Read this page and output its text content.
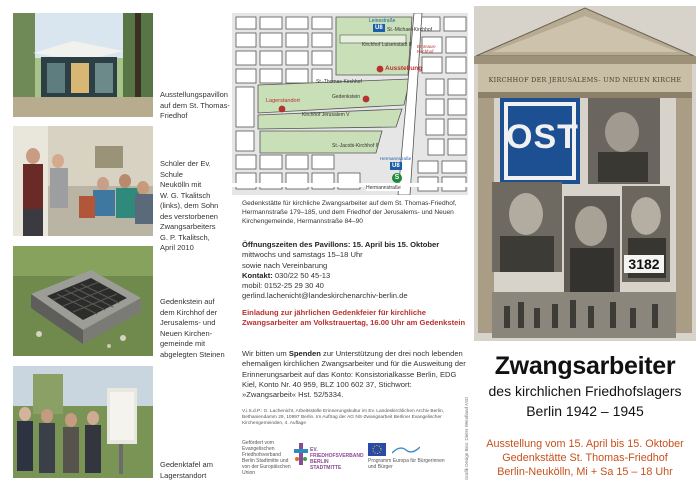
Ausstellungspavillon
auf dem St. Thomas-
Friedhof
Schüler der Ev. Schule
Neukölln mit
W. G. Tkalitsch
(links), dem Sohn
des verstorbenen
Zwangsarbeiters
G. P. Tkalitsch,
April 2010
Gedenkstein auf
dem Kirchhof der
Jerusalems- und
Neuen Kirchen-
gemeinde mit
abgelegten Steinen
Gedenktafel am
Lagerstandort
Leinestraße
U8 St.-Michael-Kirchhof
Kirchhof Luisenstadt II Emmaus-Kirchhof
Ausstellung
St.-Thomas-Kirchhof
Gedenkstein
Lagerstandort
Kirchhof Jerusalem V
St.-Jacobi-Kirchhof II
U8
Hermannstraße
S
Hermannstraße
Gedenkstätte für kirchliche Zwangsarbeiter auf dem St. Thomas-Friedhof, Hermannstraße 179–185, und dem Friedhof der Jerusalems- und Neuen Kirchengemeinde, Hermannstraße 84–90
Öffnungszeiten des Pavillons: 15. April bis 15. Oktober
mittwochs und samstags 15–18 Uhr
sowie nach Vereinbarung
Kontakt: 030/22 50 45-13
mobil: 0152-25 29 30 40
gerlind.lachenicht@landeskirchenarchiv-berlin.de
Einladung zur jährlichen Gedenkfeier für kirchliche Zwangsarbeiter am Volkstrauertag, 16.00 Uhr am Gedenkstein
Wir bitten um Spenden zur Unterstützung der drei noch lebenden ehemaligen kirchlichen Zwangsarbeiter und für die Ausweitung der Erinnerungsarbeit auf das Konto: Konsistorialkasse Berlin, EDG Kiel, Konto Nr. 40 959, BLZ 100 602 37, Stichwort: »Zwangsarbeit« Hst. 52/5334.
V.i.S.d.P.: G. Lachenicht, Arbeitsstelle Erinnerungskultur im Ev. Landeskirchlichen Archiv Berlin, Bethaniendamm 29, 10997 Berlin. Im Auftrag der AG NS-Zwangsarbeit Berliner Evangelischer Kirchengemeinden, 4. Auflage
Gefördert vom Evangelischen Friedhofsverband Berlin Stadtmitte und von der Europäischen Union
EV. FRIEDHOFSVERBAND BERLIN STADTMITTE
Programm Europa für Bürgerinnen und Bürger	Grafik Design Biss: Dieter Wendland ASD
KIRCHHOF DER JERUSALEMS- UND NEUEN KIRCHE
OST
3182
Zwangsarbeiter
des kirchlichen Friedhofslagers
Berlin 1942 – 1945
Ausstellung vom 15. April bis 15. Oktober
Gedenkstätte St. Thomas-Friedhof
Berlin-Neukölln, Mi + Sa 15 – 18 Uhr
